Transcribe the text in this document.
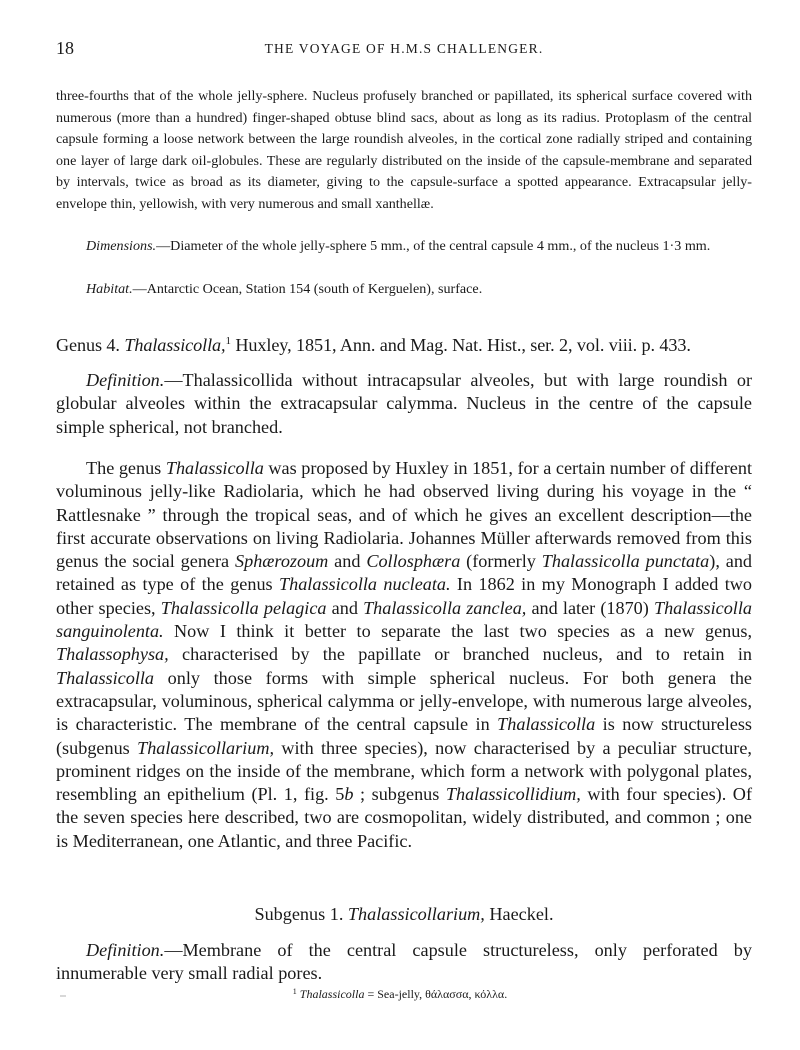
18	THE VOYAGE OF H.M.S CHALLENGER.

three-fourths that of the whole jelly-sphere. Nucleus profusely branched or papillated, its spherical surface covered with numerous (more than a hundred) finger-shaped obtuse blind sacs, about as long as its radius. Protoplasm of the central capsule forming a loose network between the large roundish alveoles, in the cortical zone radially striped and containing one layer of large dark oil-globules. These are regularly distributed on the inside of the capsule-membrane and separated by intervals, twice as broad as its diameter, giving to the capsule-surface a spotted appearance. Extracapsular jelly-envelope thin, yellowish, with very numerous and small xanthellæ.

Dimensions.—Diameter of the whole jelly-sphere 5 mm., of the central capsule 4 mm., of the nucleus 1·3 mm.

Habitat.—Antarctic Ocean, Station 154 (south of Kerguelen), surface.

Genus 4. Thalassicolla,$^1$ Huxley, 1851, Ann. and Mag. Nat. Hist., ser. 2, vol. viii. p. 433.

Definition.—Thalassicollida without intracapsular alveoles, but with large roundish or globular alveoles within the extracapsular calymma. Nucleus in the centre of the capsule simple spherical, not branched.

The genus Thalassicolla was proposed by Huxley in 1851, for a certain number of different voluminous jelly-like Radiolaria, which he had observed living during his voyage in the “ Rattlesnake ” through the tropical seas, and of which he gives an excellent description—the first accurate observations on living Radiolaria. Johannes Müller afterwards removed from this genus the social genera Sphærozoum and Collosphæra (formerly Thalassicolla punctata), and retained as type of the genus Thalassicolla nucleata. In 1862 in my Monograph I added two other species, Thalassicolla pelagica and Thalassicolla zanclea, and later (1870) Thalassicolla sanguinolenta. Now I think it better to separate the last two species as a new genus, Thalassophysa, characterised by the papillate or branched nucleus, and to retain in Thalassicolla only those forms with simple spherical nucleus. For both genera the extracapsular, voluminous, spherical calymma or jelly-envelope, with numerous large alveoles, is characteristic. The membrane of the central capsule in Thalassicolla is now structureless (subgenus Thalassicollarium, with three species), now characterised by a peculiar structure, prominent ridges on the inside of the membrane, which form a network with polygonal plates, resembling an epithelium (Pl. 1, fig. 5b ; subgenus Thalassicollidium, with four species). Of the seven species here described, two are cosmopolitan, widely distributed, and common ; one is Mediterranean, one Atlantic, and three Pacific.

Subgenus 1. Thalassicollarium, Haeckel.

Definition.—Membrane of the central capsule structureless, only perforated by innumerable very small radial pores.

$^1$ Thalassicolla = Sea-jelly, θάλασσα, κόλλα.
